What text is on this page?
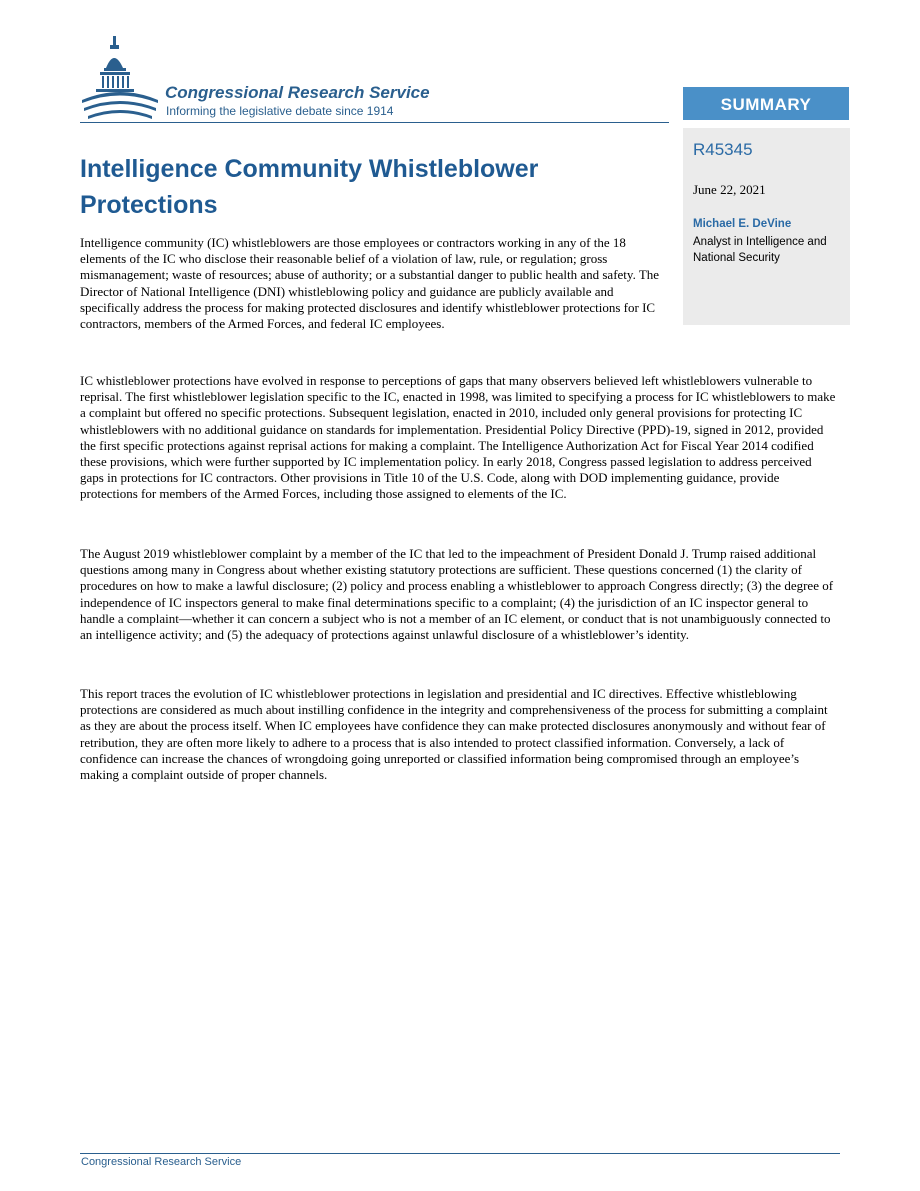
Congressional Research Service
Informing the legislative debate since 1914	SUMMARY
R45345
June 22, 2021
Michael E. DeVine
Analyst in Intelligence and National Security
Intelligence Community Whistleblower Protections

Intelligence community (IC) whistleblowers are those employees or contractors working in any of the 18 elements of the IC who disclose their reasonable belief of a violation of law, rule, or regulation; gross mismanagement; waste of resources; abuse of authority; or a substantial danger to public health and safety. The Director of National Intelligence (DNI) whistleblowing policy and guidance are publicly available and specifically address the process for making protected disclosures and identify whistleblower protections for IC contractors, members of the Armed Forces, and federal IC employees.

IC whistleblower protections have evolved in response to perceptions of gaps that many observers believed left whistleblowers vulnerable to reprisal. The first whistleblower legislation specific to the IC, enacted in 1998, was limited to specifying a process for IC whistleblowers to make a complaint but offered no specific protections. Subsequent legislation, enacted in 2010, included only general provisions for protecting IC whistleblowers with no additional guidance on standards for implementation. Presidential Policy Directive (PPD)-19, signed in 2012, provided the first specific protections against reprisal actions for making a complaint. The Intelligence Authorization Act for Fiscal Year 2014 codified these provisions, which were further supported by IC implementation policy. In early 2018, Congress passed legislation to address perceived gaps in protections for IC contractors. Other provisions in Title 10 of the U.S. Code, along with DOD implementing guidance, provide protections for members of the Armed Forces, including those assigned to elements of the IC.

The August 2019 whistleblower complaint by a member of the IC that led to the impeachment of President Donald J. Trump raised additional questions among many in Congress about whether existing statutory protections are sufficient. These questions concerned (1) the clarity of procedures on how to make a lawful disclosure; (2) policy and process enabling a whistleblower to approach Congress directly; (3) the degree of independence of IC inspectors general to make final determinations specific to a complaint; (4) the jurisdiction of an IC inspector general to handle a complaint—whether it can concern a subject who is not a member of an IC element, or conduct that is not unambiguously connected to an intelligence activity; and (5) the adequacy of protections against unlawful disclosure of a whistleblower’s identity.

This report traces the evolution of IC whistleblower protections in legislation and presidential and IC directives. Effective whistleblowing protections are considered as much about instilling confidence in the integrity and comprehensiveness of the process for submitting a complaint as they are about the process itself. When IC employees have confidence they can make protected disclosures anonymously and without fear of retribution, they are often more likely to adhere to a process that is also intended to protect classified information. Conversely, a lack of confidence can increase the chances of wrongdoing going unreported or classified information being compromised through an employee’s making a complaint outside of proper channels.

Congressional Research Service
